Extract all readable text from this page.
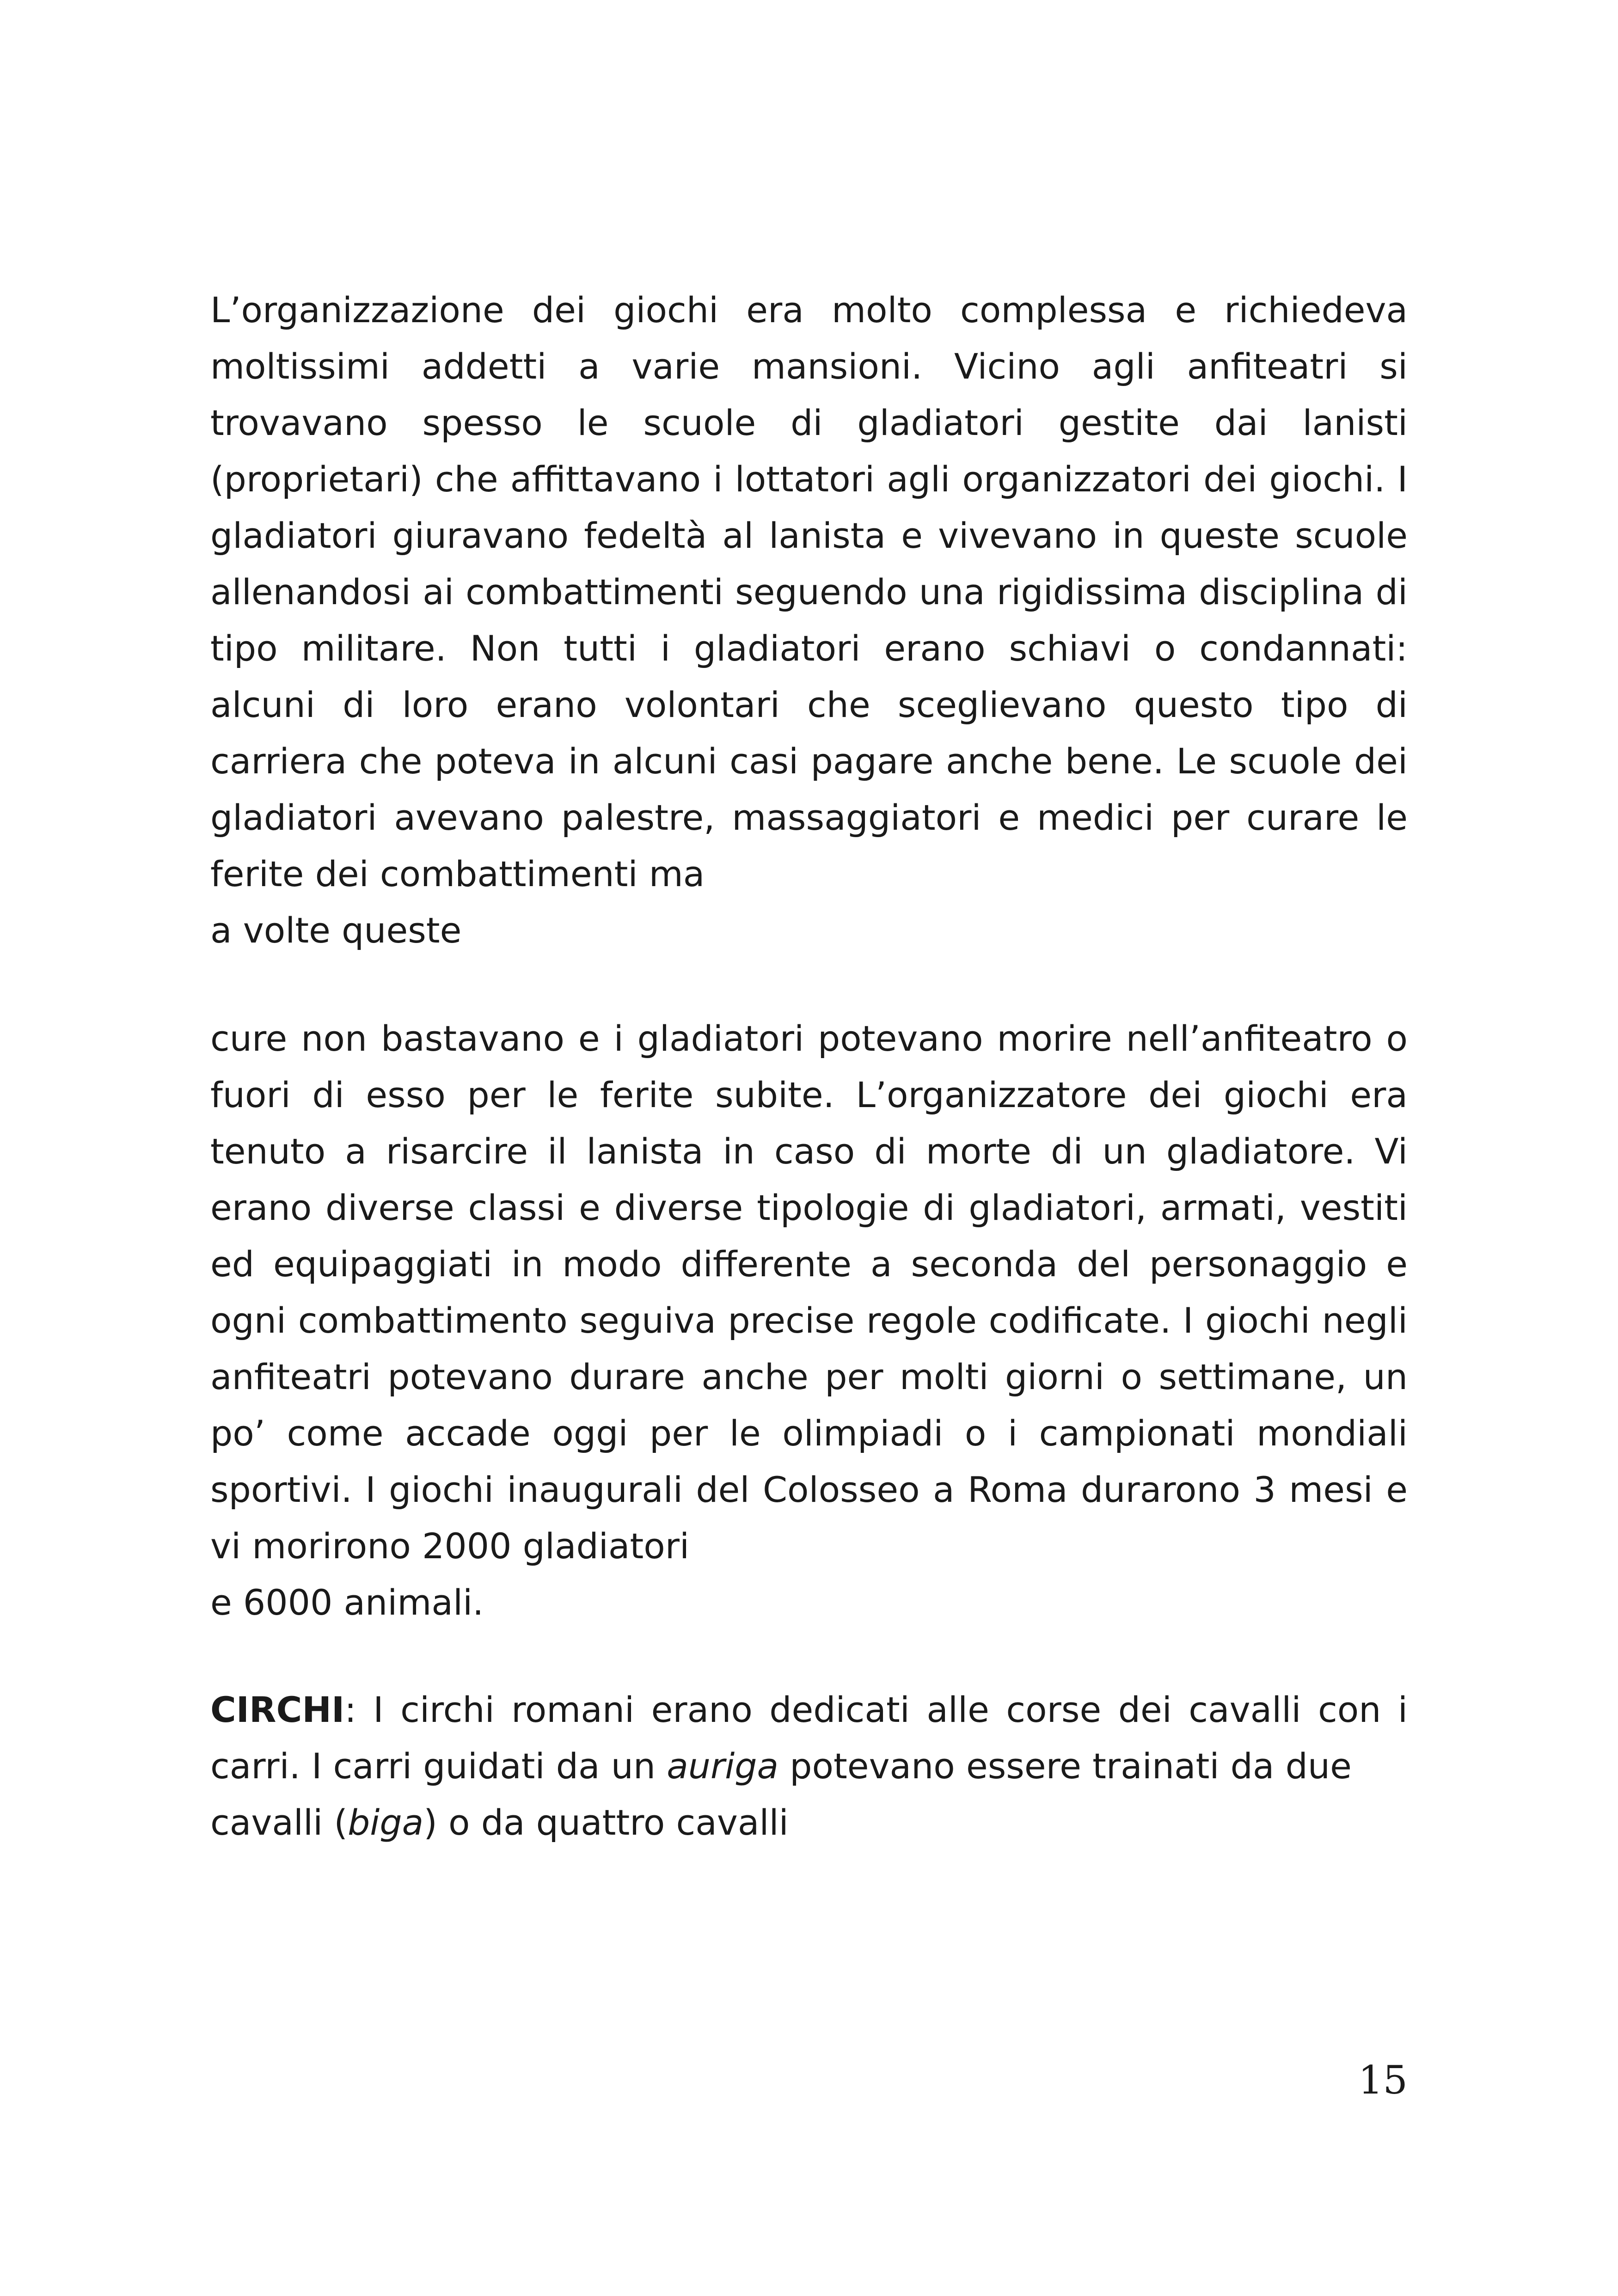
L’organizzazione dei giochi era molto complessa e richiedeva moltissimi addetti a varie mansioni. Vicino agli anfiteatri si trovavano spesso le scuole di gladiatori gestite dai lanisti (proprietari) che affittavano i lottatori agli organizzatori dei giochi. I gladiatori giuravano fedeltà al lanista e vivevano in queste scuole allenandosi ai combattimenti seguendo una rigidissima disciplina di tipo militare. Non tutti i gladiatori erano schiavi o condannati: alcuni di loro erano volontari che sceglievano questo tipo di carriera che poteva in alcuni casi pagare anche bene. Le scuole dei gladiatori avevano palestre, massaggiatori e medici per curare le ferite dei combattimenti ma

a volte queste

cure non bastavano e i gladiatori potevano morire nell’anfiteatro o fuori di esso per le ferite subite. L’organizzatore dei giochi era tenuto a risarcire il lanista in caso di morte di un gladiatore. Vi erano diverse classi e diverse tipologie di gladiatori, armati, vestiti ed equipaggiati in modo differente a seconda del personaggio e ogni combattimento seguiva precise regole codificate. I giochi negli anfiteatri potevano durare anche per molti giorni o settimane, un po’ come accade oggi per le olimpiadi o i campionati mondiali sportivi. I giochi inaugurali del Colosseo a Roma durarono 3 mesi e vi morirono 2000 gladiatori

e 6000 animali.

CIRCHI: I circhi romani erano dedicati alle corse dei cavalli con i carri. I carri guidati da un auriga potevano essere trainati da due

cavalli (biga) o da quattro cavalli

15
